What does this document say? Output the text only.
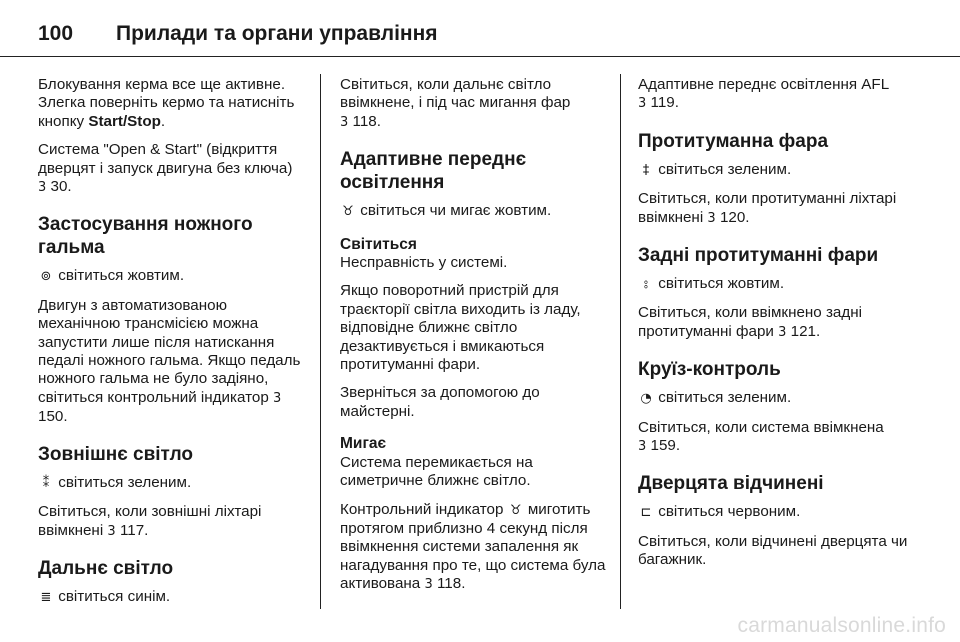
100	Прилади та органи управління

Блокування керма все ще активне. Злегка поверніть кермо та натисніть кнопку Start/Stop.

Система "Open & Start" (відкриття дверцят і запуск двигуна без ключа)
3 30.

Застосування ножного гальма

⊚ світиться жовтим.

Двигун з автоматизованою механічною трансмісією можна запустити лише після натискання педалі ножного гальма. Якщо педаль ножного гальма не було задіяно, світиться контрольний індикатор 3 150.

Зовнішнє світло

⁑ світиться зеленим.

Світиться, коли зовнішні ліхтарі ввімкнені 3 117.

Дальнє світло

≣ світиться синім.

Світиться, коли дальнє світло ввімкнене, і під час мигання фар
3 118.

Адаптивне переднє освітлення

♉ світиться чи мигає жовтим.

Світиться

Несправність у системі.

Якщо поворотний пристрій для траєкторії світла виходить із ладу, відповідне ближнє світло дезактивується і вмикаються протитуманні фари.

Зверніться за допомогою до майстерні.

Мигає

Система перемикається на симетричне ближнє світло.

Контрольний індикатор ♉ миготить протягом приблизно 4 секунд після ввімкнення системи запалення як нагадування про те, що система була активована 3 118.

Адаптивне переднє освітлення AFL
3 119.

Протитуманна фара

‡ світиться зеленим.

Світиться, коли протитуманні ліхтарі ввімкнені 3 120.

Задні протитуманні фари

⦂ світиться жовтим.

Світиться, коли ввімкнено задні протитуманні фари 3 121.

Круїз-контроль

◔ світиться зеленим.

Світиться, коли система ввімкнена
3 159.

Дверцята відчинені

⊏ світиться червоним.

Світиться, коли відчинені дверцята чи багажник.

carmanualsonline.info
